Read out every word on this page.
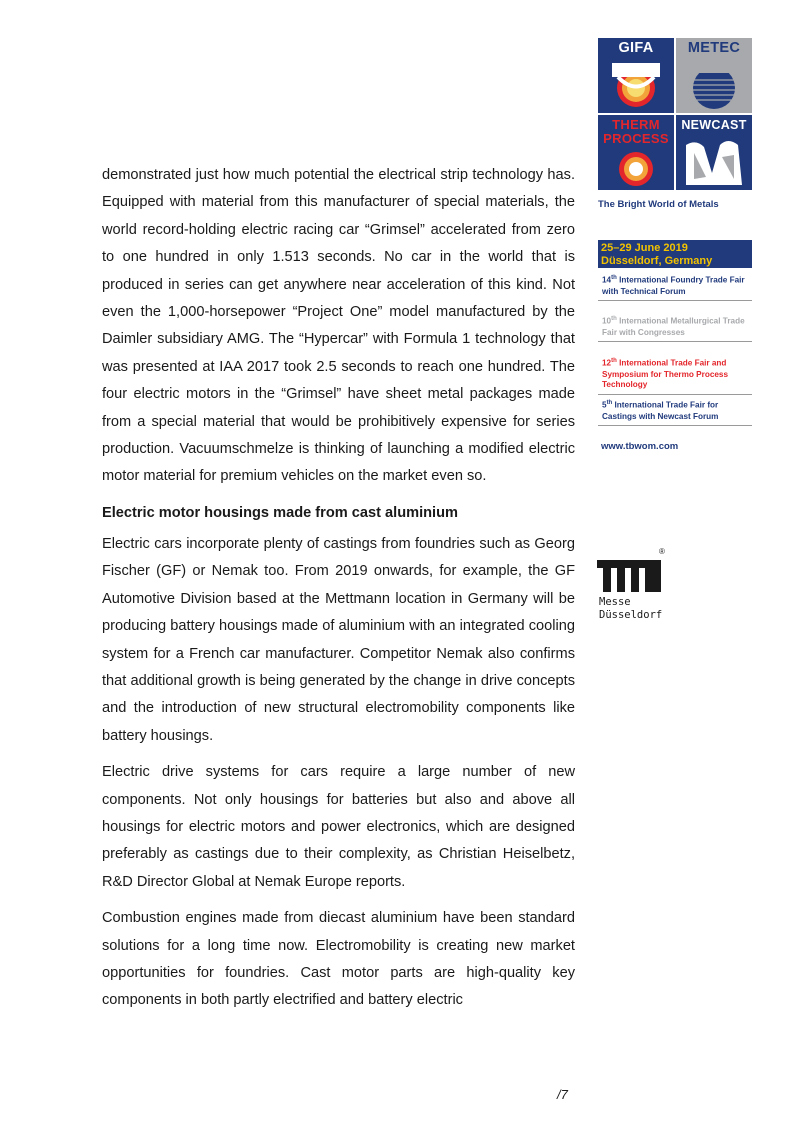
demonstrated just how much potential the electrical strip technology has. Equipped with material from this manufacturer of special materials, the world record-holding electric racing car “Grimsel” accelerated from zero to one hundred in only 1.513 seconds. No car in the world that is produced in series can get anywhere near acceleration of this kind. Not even the 1,000-horsepower “Project One” model manufactured by the Daimler subsidiary AMG. The “Hypercar” with Formula 1 technology that was presented at IAA 2017 took 2.5 seconds to reach one hundred. The four electric motors in the “Grimsel” have sheet metal packages made from a special material that would be prohibitively expensive for series production. Vacuumschmelze is thinking of launching a modified electric motor material for premium vehicles on the market even so.

Electric motor housings made from cast aluminium

Electric cars incorporate plenty of castings from foundries such as Georg Fischer (GF) or Nemak too. From 2019 onwards, for example, the GF Automotive Division based at the Mettmann location in Germany will be producing battery housings made of aluminium with an integrated cooling system for a French car manufacturer. Competitor Nemak also confirms that additional growth is being generated by the change in drive concepts and the introduction of new structural electromobility components like battery housings.

Electric drive systems for cars require a large number of new components. Not only housings for batteries but also and above all housings for electric motors and power electronics, which are designed preferably as castings due to their complexity, as Christian Heiselbetz, R&D Director Global at Nemak Europe reports.

Combustion engines made from diecast aluminium have been standard solutions for a long time now. Electromobility is creating new market opportunities for foundries. Cast motor parts are high-quality key components in both partly electrified and battery electric

GIFA	METEC
THERM
PROCESS
NEWCAST
The Bright World of Metals
25–29 June 2019
Düsseldorf, Germany
14th International Foundry Trade Fair with Technical Forum
10th International Metallurgical Trade Fair with Congresses
12th International Trade Fair and Symposium for Thermo Process Technology
5th International Trade Fair for Castings with Newcast Forum
www.tbwom.com
®
Messe
Düsseldorf
/7
